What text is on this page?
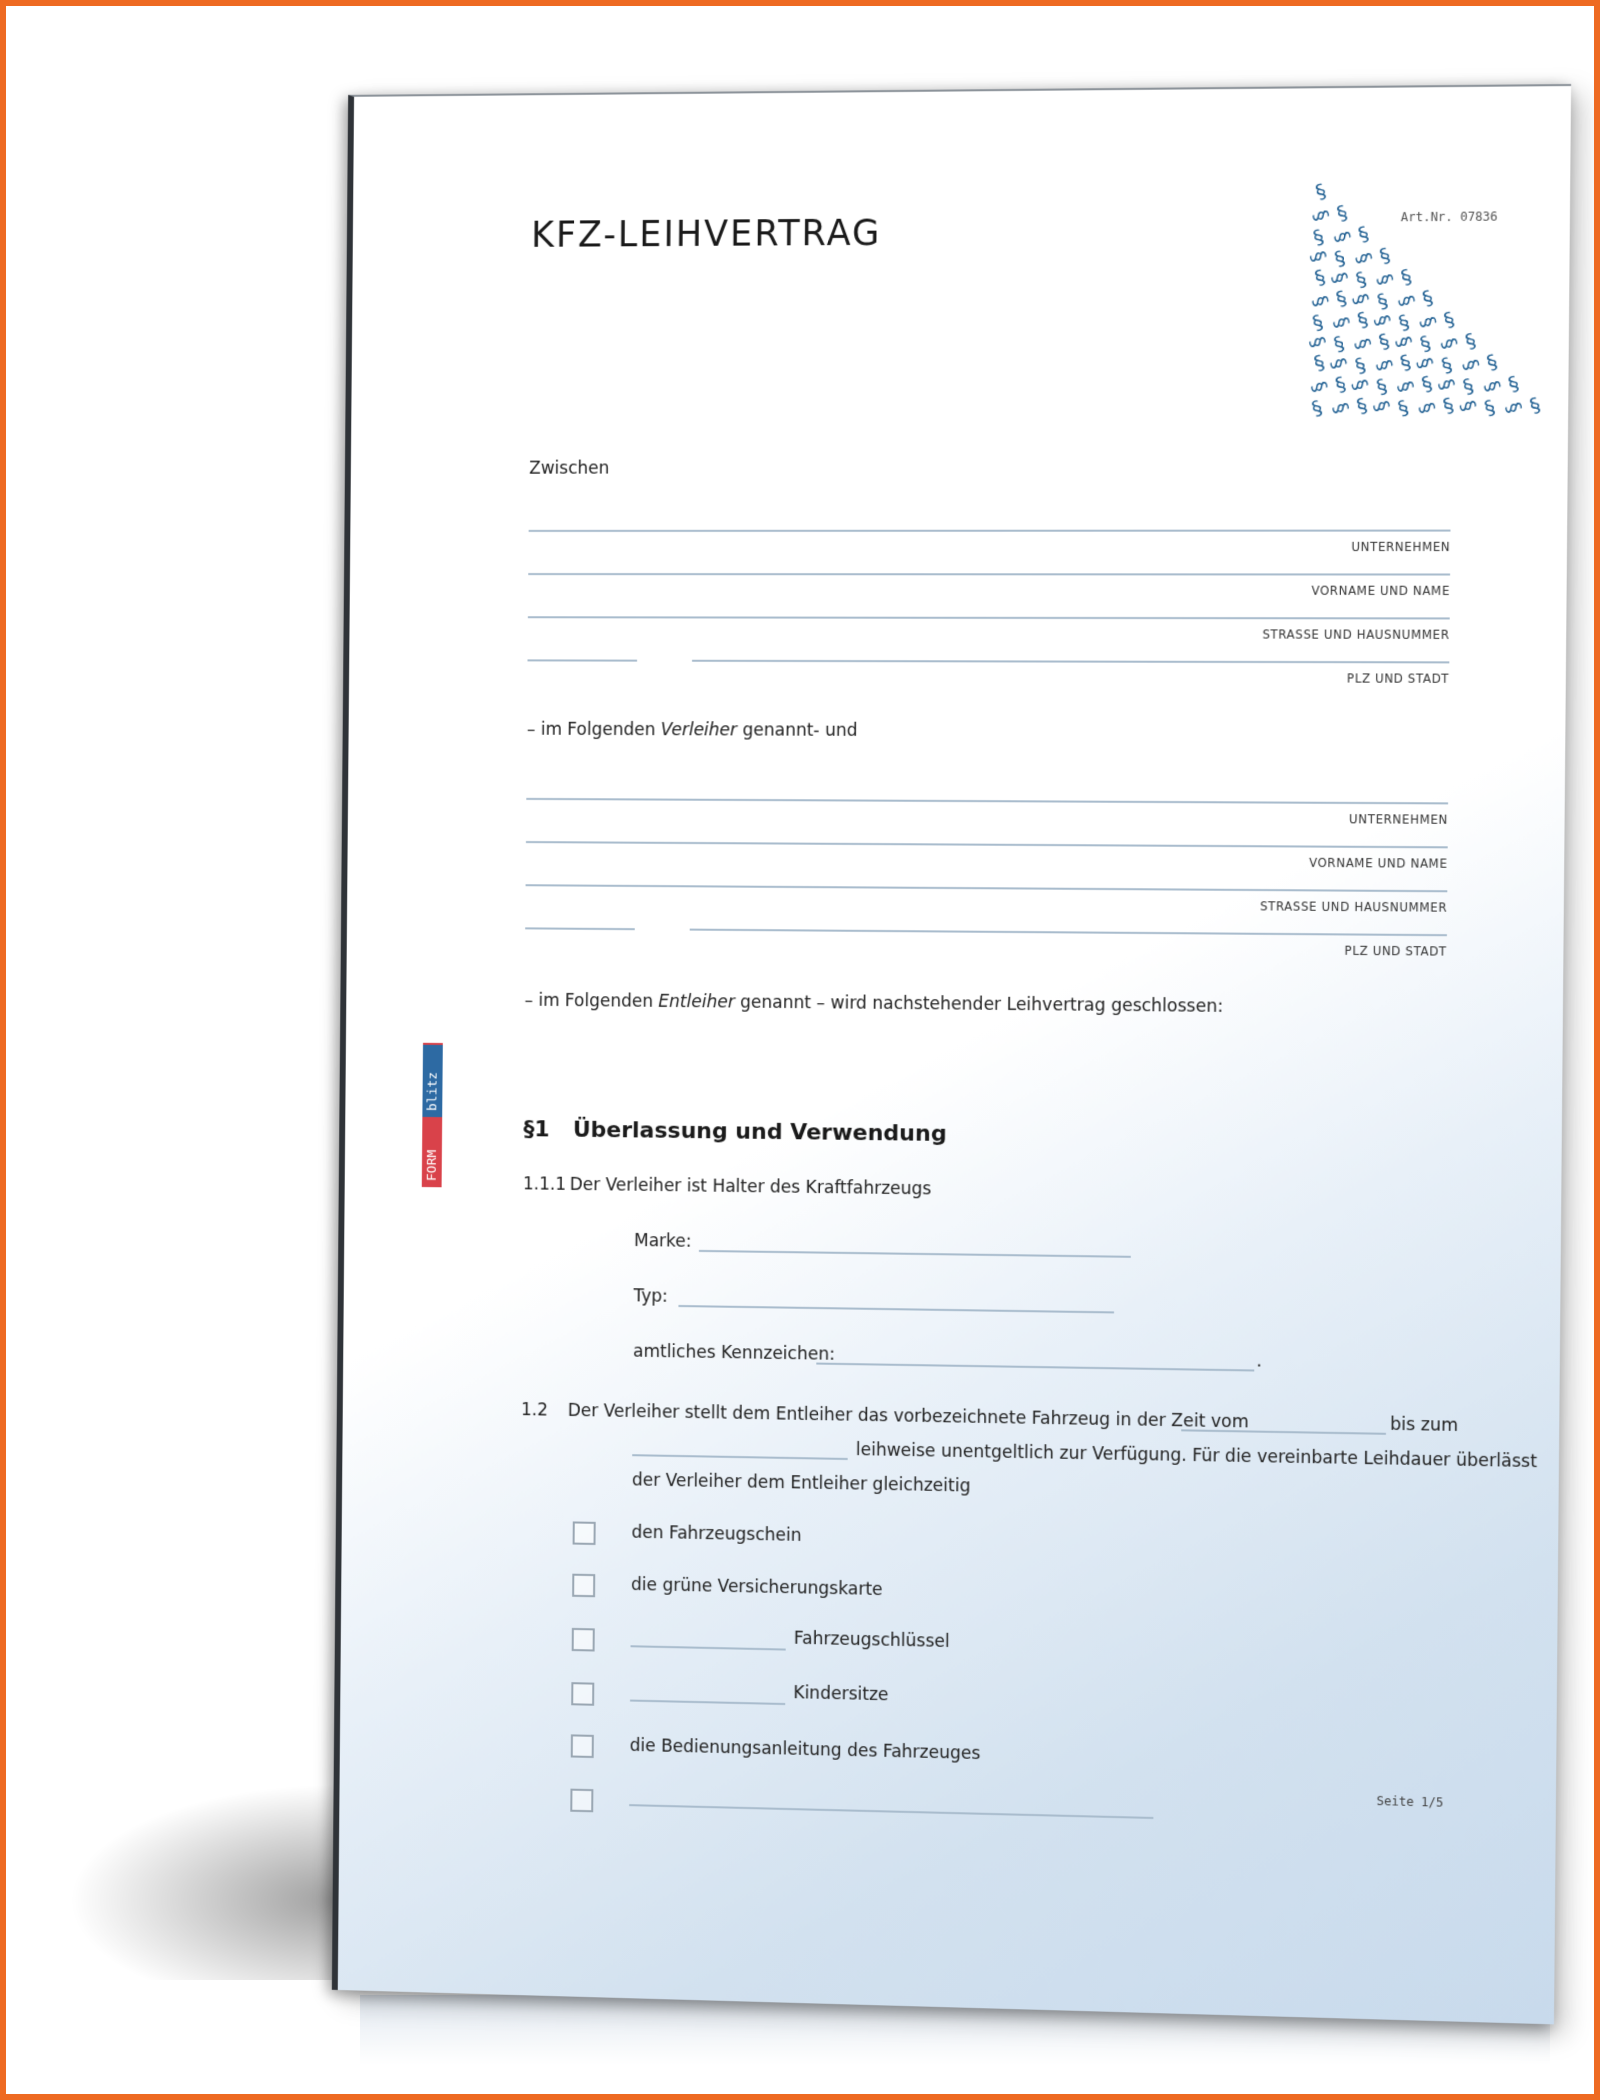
KFZ-LEIHVERTRAG	Art.Nr. 07836
§
§ §
§ § §
§ § § §
§
§ § § §
§ §
§ § § §
§ § §
§ § § §
§ § § §
§ § § §
§
§ § § §
§ § § §
§ §
§ § § §
§ § § §
§ § §
§ § § §
§ § § §
blitz
FORM
Zwischen
UNTERNEHMEN
VORNAME UND NAME
STRASSE UND HAUSNUMMER
PLZ UND STADT
– im Folgenden Verleiher genannt- und
UNTERNEHMEN
VORNAME UND NAME
STRASSE UND HAUSNUMMER
PLZ UND STADT
– im Folgenden Entleiher genannt – wird nachstehender Leihvertrag geschlossen:
§1 Überlassung und Verwendung
1.1.1 Der Verleiher ist Halter des Kraftfahrzeugs
Marke:
Typ:
amtliches Kennzeichen:	.
1.2 Der Verleiher stellt dem Entleiher das vorbezeichnete Fahrzeug in der Zeit vom	bis zum
leihweise unentgeltlich zur Verfügung. Für die vereinbarte Leihdauer überlässt
der Verleiher dem Entleiher gleichzeitig
den Fahrzeugschein
die grüne Versicherungskarte
Fahrzeugschlüssel
Kindersitze
die Bedienungsanleitung des Fahrzeuges
Seite 1/5
